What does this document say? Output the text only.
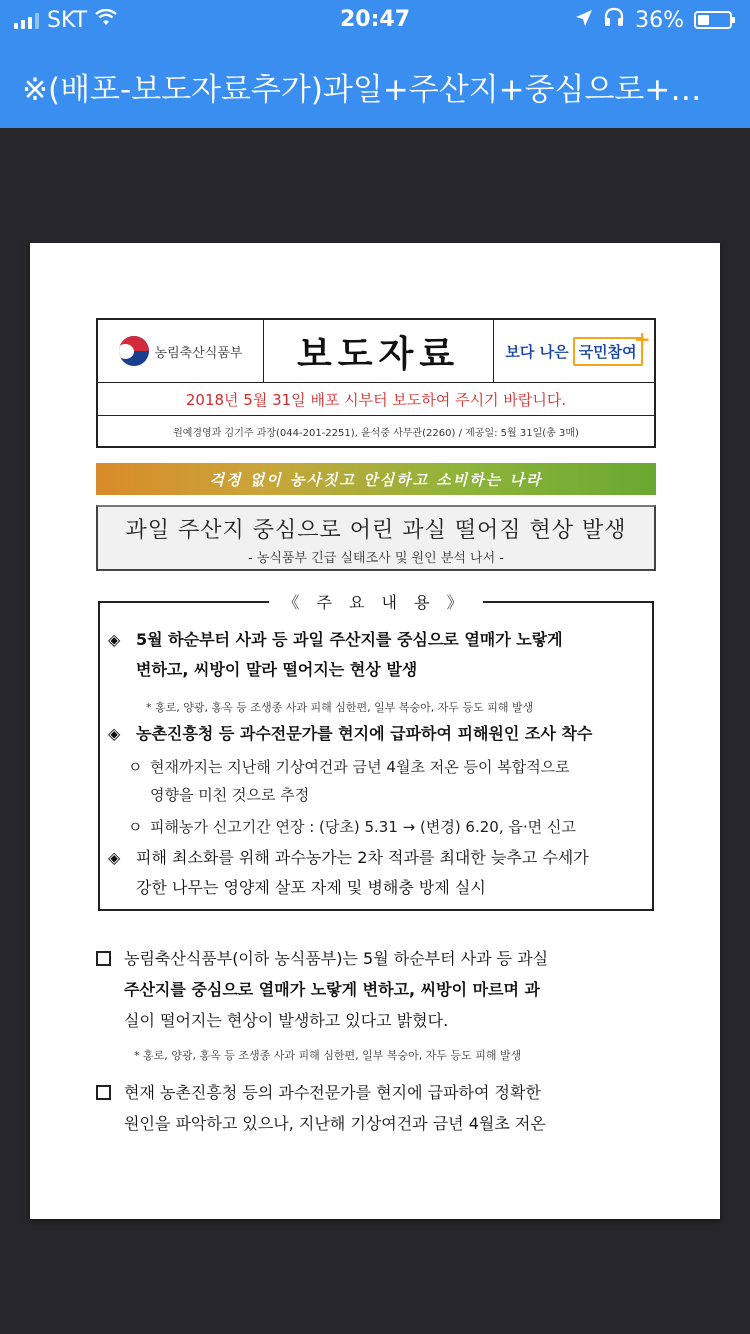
SKT	20:47	36%
※(배포-보도자료추가)과일+주산지+중심으로+…
농림축산식품부	보도자료	보다 나은 국민참여
+
2018년 5월 31일 배포 시부터 보도하여 주시기 바랍니다.
원예경영과 김기주 과장(044-201-2251), 윤석중 사무관(2260) / 제공일: 5월 31일(총 3매)
걱정 없이 농사짓고 안심하고 소비하는 나라
과일 주산지 중심으로 어린 과실 떨어짐 현상 발생
- 농식품부 긴급 실태조사 및 원인 분석 나서 -
《 주 요 내 용 》
◈ 5월 하순부터 사과 등 과일 주산지를 중심으로 열매가 노랗게
변하고, 씨방이 말라 떨어지는 현상 발생
* 홍로, 양광, 홍옥 등 조생종 사과 피해 심한편, 일부 복숭아, 자두 등도 피해 발생
◈ 농촌진흥청 등 과수전문가를 현지에 급파하여 피해원인 조사 착수
ㅇ 현재까지는 지난해 기상여건과 금년 4월초 저온 등이 복합적으로
영향을 미친 것으로 추정
ㅇ 피해농가 신고기간 연장 : (당초) 5.31 → (변경) 6.20, 읍·면 신고
◈ 피해 최소화를 위해 과수농가는 2차 적과를 최대한 늦추고 수세가
강한 나무는 영양제 살포 자제 및 병해충 방제 실시
농림축산식품부(이하 농식품부)는 5월 하순부터 사과 등 과실
주산지를 중심으로 열매가 노랗게 변하고, 씨방이 마르며 과
실이 떨어지는 현상이 발생하고 있다고 밝혔다.
* 홍로, 양광, 홍옥 등 조생종 사과 피해 심한편, 일부 복숭아, 자두 등도 피해 발생
현재 농촌진흥청 등의 과수전문가를 현지에 급파하여 정확한
원인을 파악하고 있으나, 지난해 기상여건과 금년 4월초 저온
